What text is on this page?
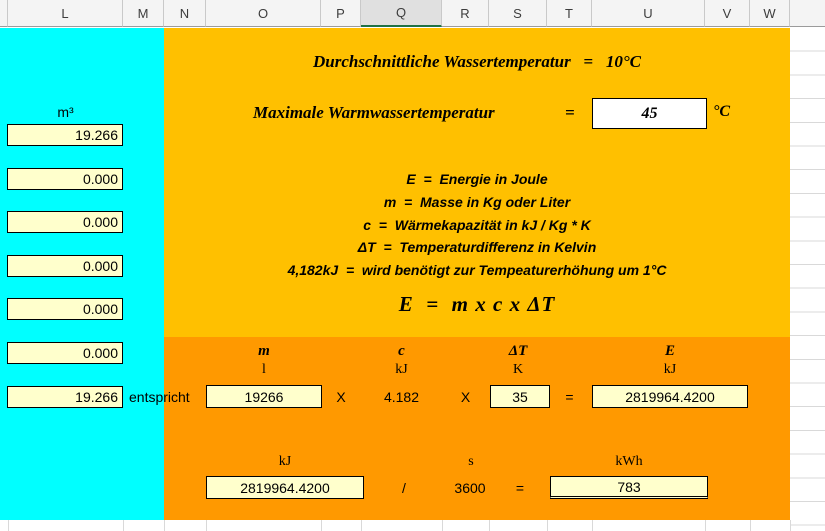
L	M	N	O	P	Q	R	S	T	U	V	W
m³
19.266
0.000
0.000
0.000
0.000
0.000
19.266 entspricht
Durchschnittliche Wassertemperatur   =   10°C
Maximale Warmwassertemperatur	=	45	°C
E  =  Energie in Joule
m  =  Masse in Kg oder Liter
c  =  Wärmekapazität in kJ / Kg * K
ΔT  =  Temperaturdifferenz in Kelvin
4,182kJ  =  wird benötigt zur Tempeaturerhöhung um 1°C
E  =  m x c x ΔT
m	c	ΔT	E
l	kJ	K	kJ
19266	X	4.182	X	35	=	2819964.4200
kJ	s	kWh
2819964.4200	/	3600	=	783
